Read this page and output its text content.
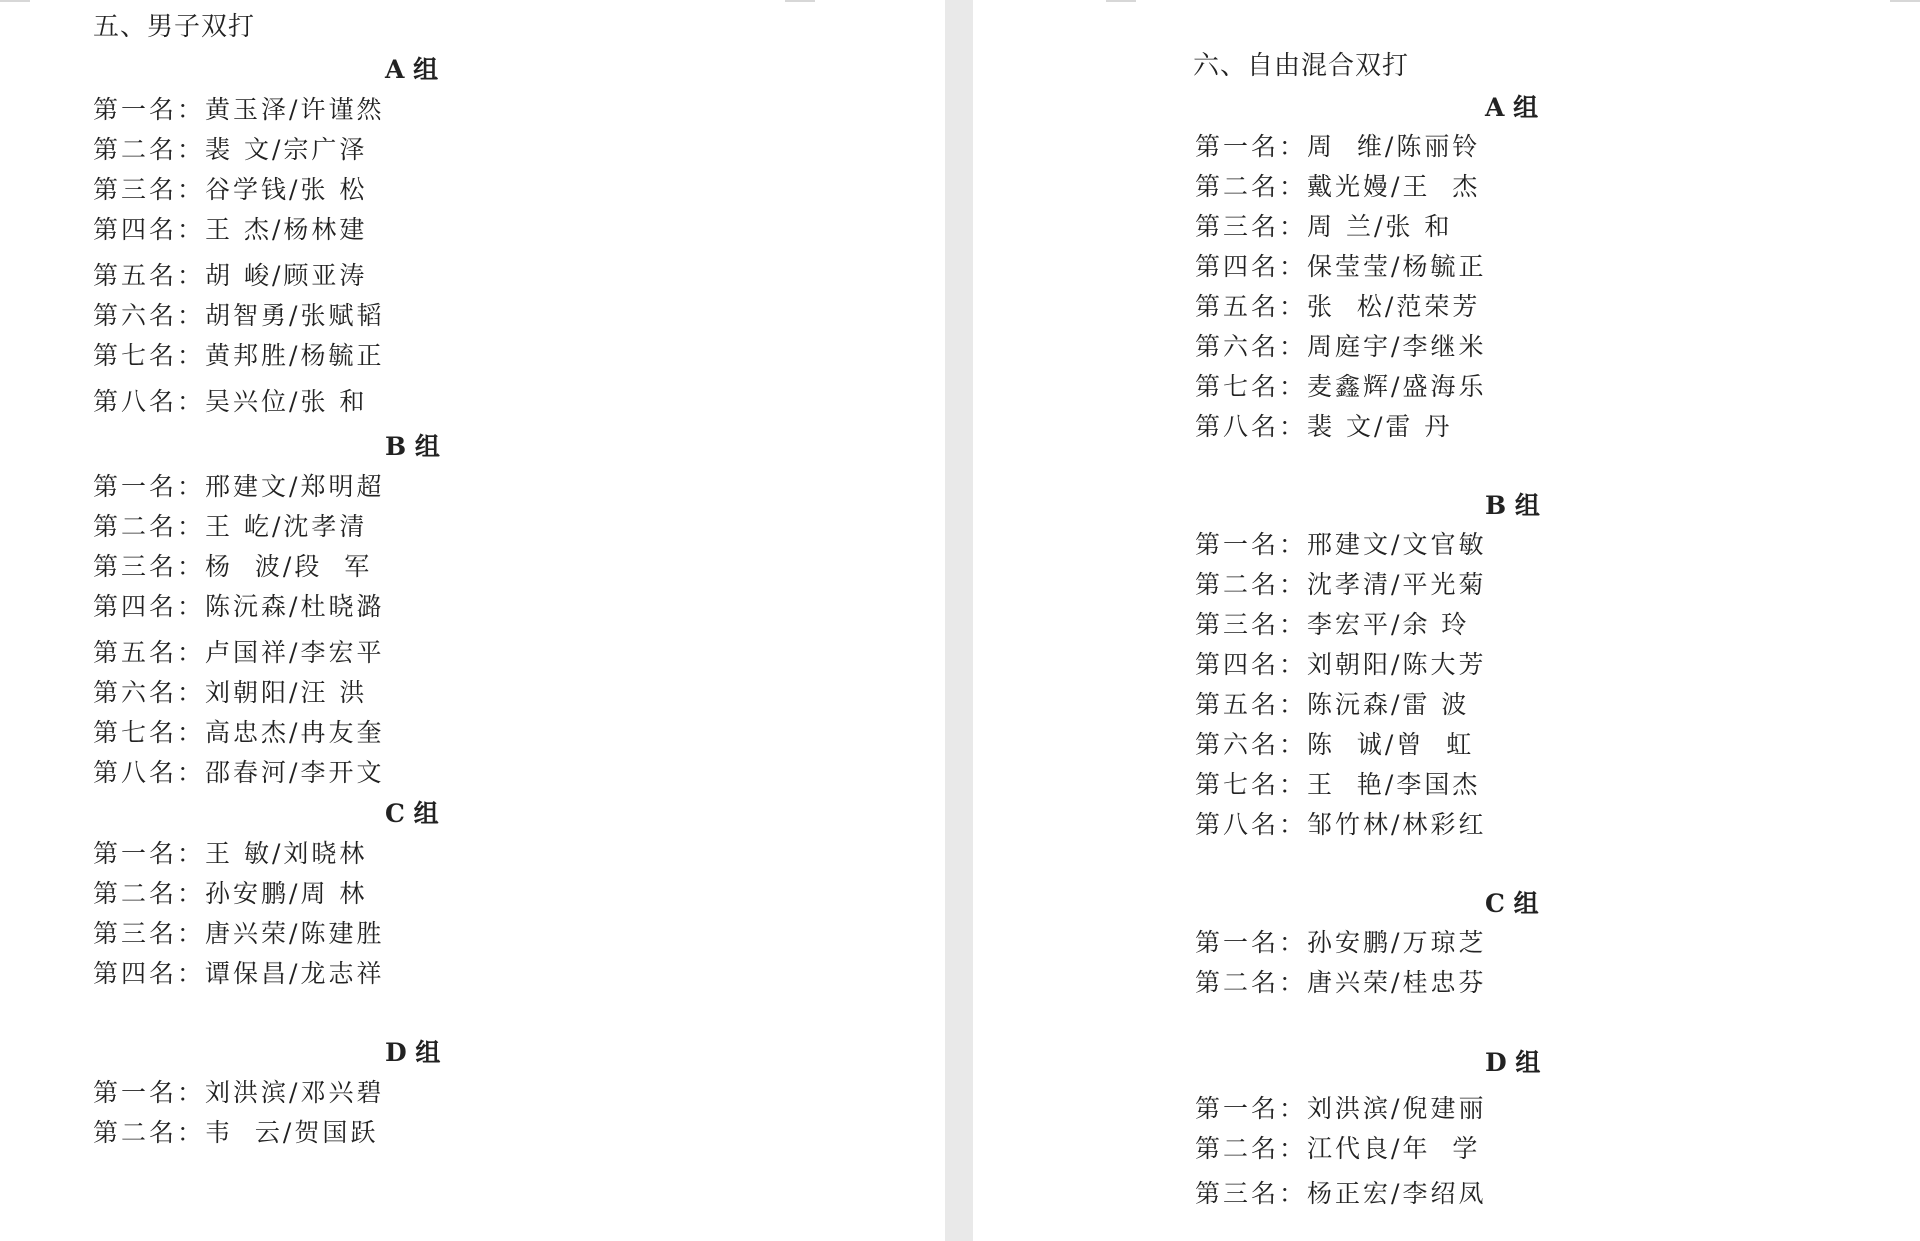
五、男子双打
A 组
第一名：黄玉泽/许谨然
第二名：裴 文/宗广泽
第三名：谷学钱/张 松
第四名：王 杰/杨林建
第五名：胡 峻/顾亚涛
第六名：胡智勇/张赋韬
第七名：黄邦胜/杨毓正
第八名：吴兴位/张 和
B 组
第一名：邢建文/郑明超
第二名：王 屹/沈孝清
第三名：杨  波/段  军
第四名：陈沅森/杜晓潞
第五名：卢国祥/李宏平
第六名：刘朝阳/汪 洪
第七名：高忠杰/冉友奎
第八名：邵春河/李开文
C 组
第一名：王 敏/刘晓林
第二名：孙安鹏/周 林
第三名：唐兴荣/陈建胜
第四名：谭保昌/龙志祥
D 组
第一名：刘洪滨/邓兴碧
第二名：韦  云/贺国跃
六、自由混合双打
A 组
第一名：周  维/陈丽铃
第二名：戴光嫚/王  杰
第三名：周 兰/张 和
第四名：保莹莹/杨毓正
第五名：张  松/范荣芳
第六名：周庭宇/李继米
第七名：麦鑫辉/盛海乐
第八名：裴 文/雷 丹
B 组
第一名：邢建文/文官敏
第二名：沈孝清/平光菊
第三名：李宏平/余 玲
第四名：刘朝阳/陈大芳
第五名：陈沅森/雷 波
第六名：陈  诚/曾  虹
第七名：王  艳/李国杰
第八名：邹竹林/林彩红
C 组
第一名：孙安鹏/万琼芝
第二名：唐兴荣/桂忠芬
D 组
第一名：刘洪滨/倪建丽
第二名：江代良/年  学
第三名：杨正宏/李绍凤
